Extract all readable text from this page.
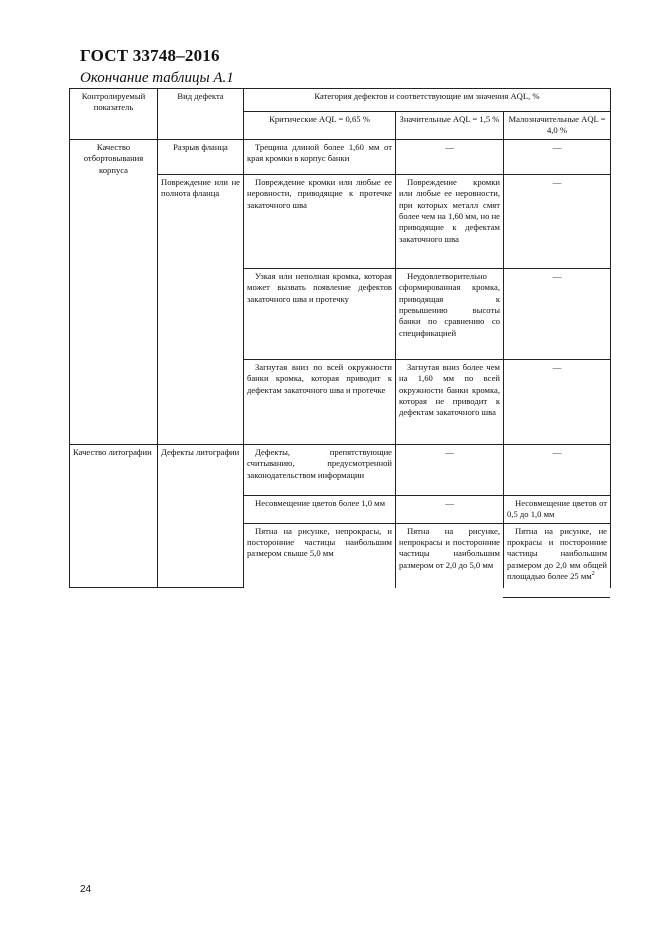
ГОСТ 33748–2016
Окончание таблицы А.1
Контролируемый показатель	Вид дефекта	Категория дефектов и соответствующие им значения AQL, %		
		Критические AQL = 0,65 %	Значительные AQL = 1,5 %	Малозначительные AQL = 4,0 %
Качество отбортовывания корпуса	Разрыв фланца	Трещина длиной более 1,60 мм от края кромки в корпус банки	—	—
	Повреждение или не полнота фланца	Повреждение кромки или любые ее неровности, приводящие к протечке закаточного шва	Повреждение кромки или любые ее неровности, при которых металл смят более чем на 1,60 мм, но не приводящие к дефектам закаточного шва	—
		Узкая или неполная кромка, которая может вызвать появление дефектов закаточного шва и протечку	Неудовлетворительно сформированная кромка, приводящая к превышению высоты банки по сравнению со спецификацией	—
		Загнутая вниз по всей окружности банки кромка, которая приводит к дефектам закаточного шва и протечке	Загнутая вниз более чем на 1,60 мм по всей окружности банки кромка, которая не приводит к дефектам закаточного шва	—
Качество литографии	Дефекты литографии	Дефекты, препятствующие считыванию, предусмотренной законодательством информации	—	—
		Несовмещение цветов более 1,0 мм	—	Несовмещение цветов от 0,5 до 1,0 мм
		Пятна на рисунке, непрокрасы, и посторонние частицы наибольшим размером свыше 5,0 мм	Пятна на рисунке, непрокрасы и посторонние частицы наибольшим размером от 2,0 до 5,0 мм	Пятна на рисунке, не прокрасы и посторонние частицы наибольшим размером до 2,0 мм общей площадью более 25 $мм^2$
24
